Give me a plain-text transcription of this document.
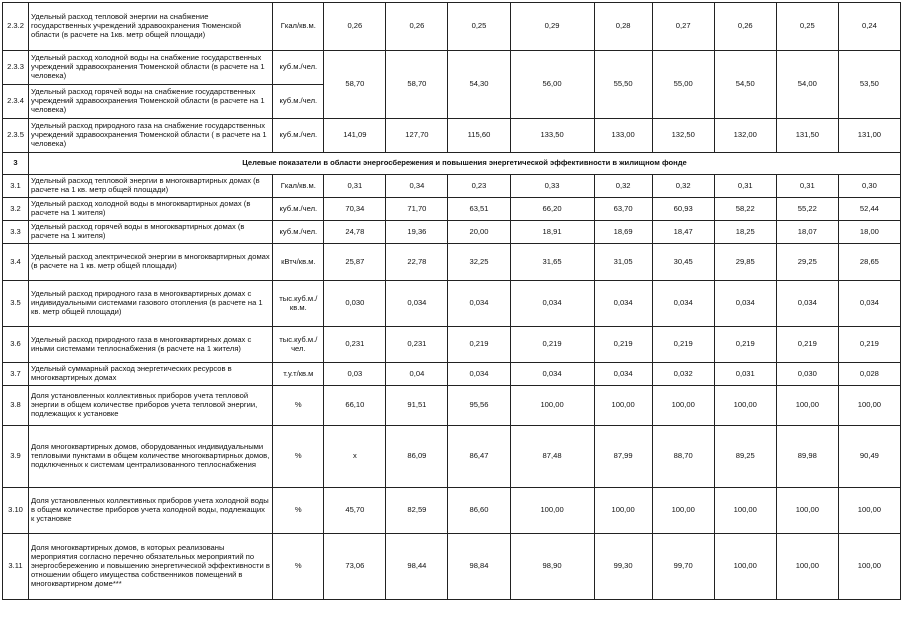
2.3.2	Удельный расход тепловой энергии на снабжение государственных учреждений здравоохранения Тюменской области (в расчете на 1кв. метр общей площади)	Гкал/кв.м.	0,26	0,26	0,25	0,29	0,28	0,27	0,26	0,25	0,24
2.3.3	Удельный расход холодной воды на снабжение государственных учреждений здравоохранения Тюменской области (в расчете на 1 человека)	куб.м./чел.	58,70	58,70	54,30	56,00	55,50	55,00	54,50	54,00	53,50
2.3.4	Удельный расход горячей воды на снабжение государственных учреждений здравоохранения Тюменской области (в расчете на 1 человека)	куб.м./чел.									
2.3.5	Удельный расход природного газа на снабжение государственных учреждений здравоохранения Тюменской области ( в расчете на 1 человека)	куб.м./чел.	141,09	127,70	115,60	133,50	133,00	132,50	132,00	131,50	131,00
3	Целевые показатели в области энергосбережения и повышения энергетической эффективности в жилищном фонде										
3.1	Удельный расход тепловой энергии в многоквартирных домах (в расчете на 1 кв. метр общей площади)	Гкал/кв.м.	0,31	0,34	0,23	0,33	0,32	0,32	0,31	0,31	0,30
3.2	Удельный расход холодной воды в многоквартирных домах (в расчете на 1 жителя)	куб.м./чел.	70,34	71,70	63,51	66,20	63,70	60,93	58,22	55,22	52,44
3.3	Удельный расход горячей воды в многоквартирных домах (в расчете на 1 жителя)	куб.м./чел.	24,78	19,36	20,00	18,91	18,69	18,47	18,25	18,07	18,00
3.4	Удельный расход электрической энергии в многоквартирных домах (в расчете на 1 кв. метр общей площади)	кВтч/кв.м.	25,87	22,78	32,25	31,65	31,05	30,45	29,85	29,25	28,65
3.5	Удельный расход природного газа в многоквартирных домах с индивидуальными системами газового отопления (в расчете на 1 кв. метр общей площади)	тыс.куб.м./кв.м.	0,030	0,034	0,034	0,034	0,034	0,034	0,034	0,034	0,034
3.6	Удельный расход природного газа в многоквартирных домах с иными системами теплоснабжения (в расчете на 1 жителя)	тыс.куб.м./чел.	0,231	0,231	0,219	0,219	0,219	0,219	0,219	0,219	0,219
3.7	Удельный суммарный расход энергетических ресурсов в многоквартирных домах	т.у.т/кв.м	0,03	0,04	0,034	0,034	0,034	0,032	0,031	0,030	0,028
3.8	Доля установленных коллективных приборов учета тепловой энергии в общем количестве приборов учета тепловой энергии, подлежащих к установке	%	66,10	91,51	95,56	100,00	100,00	100,00	100,00	100,00	100,00
3.9	Доля многоквартирных домов, оборудованных индивидуальными тепловыми пунктами в общем количестве многоквартирных домов, подключенных к системам централизованного теплоснабжения	%	x	86,09	86,47	87,48	87,99	88,70	89,25	89,98	90,49
3.10	Доля установленных коллективных приборов учета холодной воды в общем количестве приборов учета холодной воды, подлежащих к установке	%	45,70	82,59	86,60	100,00	100,00	100,00	100,00	100,00	100,00
3.11	Доля многоквартирных домов, в которых реализованы мероприятия согласно перечню обязательных мероприятий по энергосбережению и повышению энергетической эффективности в отношении общего имущества собственников помещений в многоквартирном доме***	%	73,06	98,44	98,84	98,90	99,30	99,70	100,00	100,00	100,00
